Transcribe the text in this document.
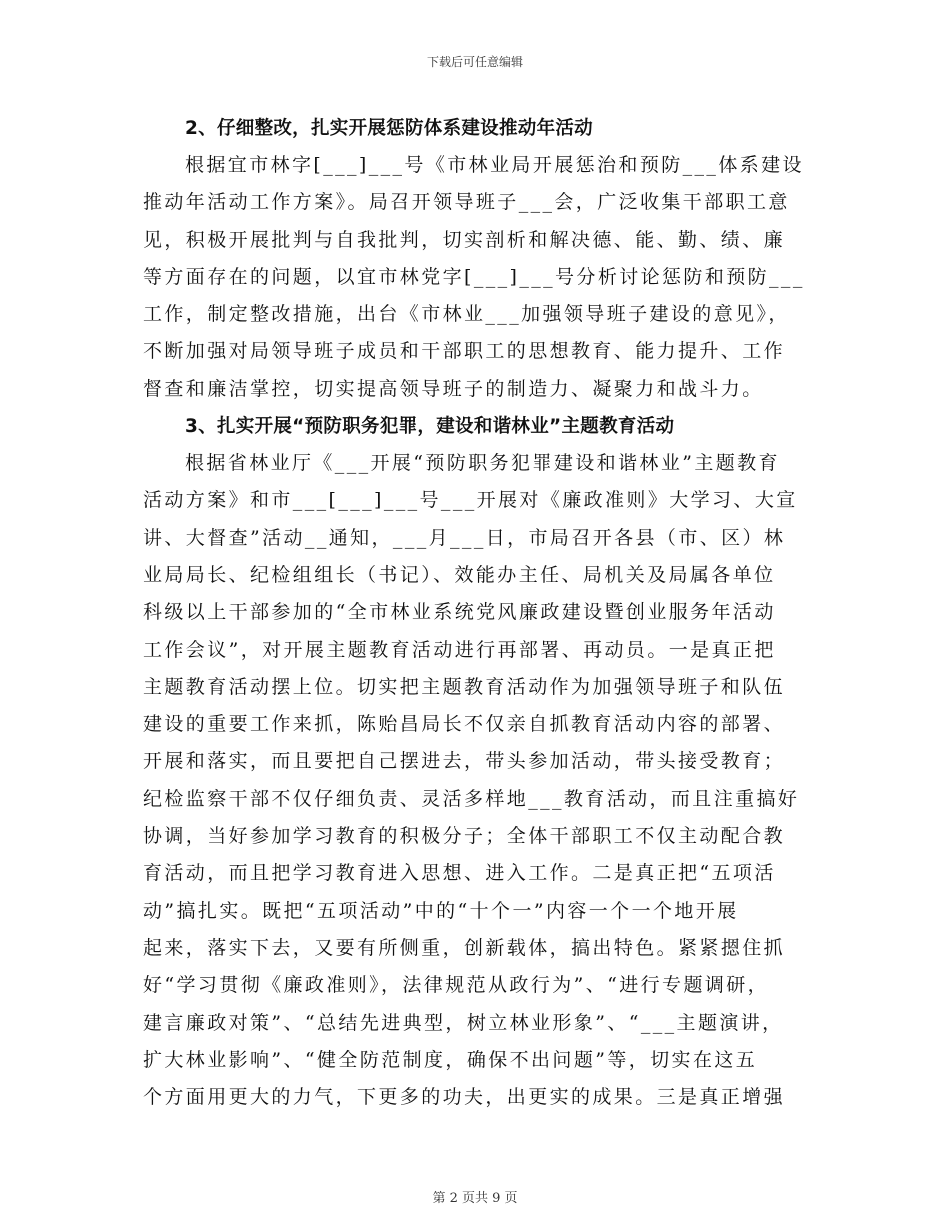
下载后可任意编辑
2、仔细整改，扎实开展惩防体系建设推动年活动

根据宜市林字[___]___号《市林业局开展惩治和预防___体系建设
推动年活动工作方案》。局召开领导班子___会，广泛收集干部职工意
见，积极开展批判与自我批判，切实剖析和解决德、能、勤、绩、廉
等方面存在的问题，以宜市林党字[___]___号分析讨论惩防和预防___
工作，制定整改措施，出台《市林业___加强领导班子建设的意见》，
不断加强对局领导班子成员和干部职工的思想教育、能力提升、工作
督查和廉洁掌控，切实提高领导班子的制造力、凝聚力和战斗力。

3、扎实开展“预防职务犯罪，建设和谐林业”主题教育活动

根据省林业厅《___开展“预防职务犯罪建设和谐林业”主题教育
活动方案》和市___[___]___号___开展对《廉政准则》大学习、大宣
讲、大督查”活动__通知，___月___日，市局召开各县（市、区）林
业局局长、纪检组组长（书记）、效能办主任、局机关及局属各单位
科级以上干部参加的“全市林业系统党风廉政建设暨创业服务年活动
工作会议”，对开展主题教育活动进行再部署、再动员。一是真正把
主题教育活动摆上位。切实把主题教育活动作为加强领导班子和队伍
建设的重要工作来抓，陈贻昌局长不仅亲自抓教育活动内容的部署、
开展和落实，而且要把自己摆进去，带头参加活动，带头接受教育；
纪检监察干部不仅仔细负责、灵活多样地___教育活动，而且注重搞好
协调，当好参加学习教育的积极分子；全体干部职工不仅主动配合教
育活动，而且把学习教育进入思想、进入工作。二是真正把“五项活
动”搞扎实。既把“五项活动”中的“十个一”内容一个一个地开展
起来，落实下去，又要有所侧重，创新载体，搞出特色。紧紧摁住抓
好“学习贯彻《廉政准则》，法律规范从政行为”、“进行专题调研，
建言廉政对策”、“总结先进典型，树立林业形象”、“___主题演讲，
扩大林业影响”、“健全防范制度，确保不出问题”等，切实在这五
个方面用更大的力气，下更多的功夫，出更实的成果。三是真正增强

第 2 页共 9 页
